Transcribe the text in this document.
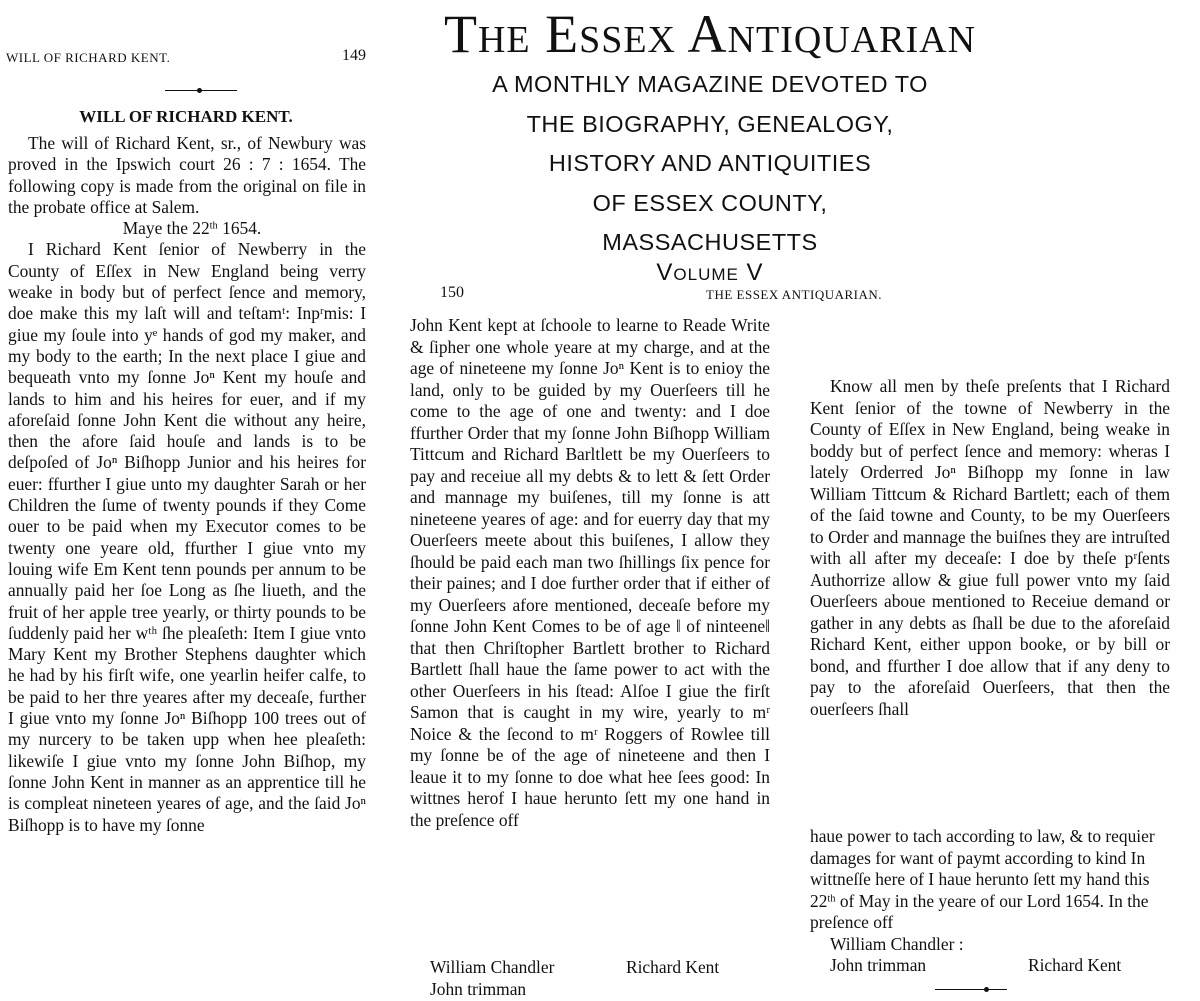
WILL OF RICHARD KENT.	149
WILL OF RICHARD KENT.

The will of Richard Kent, sr., of Newbury was proved in the Ipswich court 26 : 7 : 1654. The following copy is made from the original on file in the probate office at Salem.

Maye the 22th 1654.

I Richard Kent ſenior of Newberry in the County of Eſſex in New England being verry weake in body but of perfect ſence and memory, doe make this my laſt will and teſtamᵗ: Inpʳmis: I giue my ſoule into yᵉ hands of god my maker, and my body to the earth; In the next place I giue and bequeath vnto my ſonne Joⁿ Kent my houſe and lands to him and his heires for euer, and if my aforeſaid ſonne John Kent die without any heire, then the afore ſaid houſe and lands is to be deſpoſed of Joⁿ Biſhopp Junior and his heires for euer: ffurther I giue unto my daughter Sarah or her Children the ſume of twenty pounds if they Come ouer to be paid when my Executor comes to be twenty one yeare old, ffurther I giue vnto my louing wife Em Kent tenn pounds per annum to be annually paid her ſoe Long as ſhe liueth, and the fruit of her apple tree yearly, or thirty pounds to be ſuddenly paid her wᵗʰ ſhe pleaſeth: Item I giue vnto Mary Kent my Brother Stephens daughter which he had by his firſt wife, one yearlin heifer calfe, to be paid to her thre yeares after my deceaſe, further I giue vnto my ſonne Joⁿ Biſhopp 100 trees out of my nurcery to be taken upp when hee pleaſeth: likewiſe I giue vnto my ſonne John Biſhop, my ſonne John Kent in manner as an apprentice till he is compleat nineteen yeares of age, and the ſaid Joⁿ Biſhopp is to have my ſonne

The Essex Antiquarian
A MONTHLY MAGAZINE DEVOTED TO
THE BIOGRAPHY, GENEALOGY,
HISTORY AND ANTIQUITIES
OF ESSEX COUNTY,
MASSACHUSETTS
Volume V
150	THE ESSEX ANTIQUARIAN.

John Kent kept at ſchoole to learne to Reade Write & ſipher one whole yeare at my charge, and at the age of nineteene my ſonne Joⁿ Kent is to enioy the land, only to be guided by my Ouerſeers till he come to the age of one and twenty: and I doe ffurther Order that my ſonne John Biſhopp William Tittcum and Richard Barltlett be my Ouerſeers to pay and receiue all my debts & to lett & ſett Order and mannage my buiſenes, till my ſonne is att nineteene yeares of age: and for euerry day that my Ouerſeers meete about this buiſenes, I allow they ſhould be paid each man two ſhillings ſix pence for their paines; and I doe further order that if either of my Ouerſeers afore mentioned, deceaſe before my ſonne John Kent Comes to be of age ‖ of ninteene‖ that then Chriſtopher Bartlett brother to Richard Bartlett ſhall haue the ſame power to act with the other Ouerſeers in his ſtead: Alſoe I giue the firſt Samon that is caught in my wire, yearly to mʳ Noice & the ſecond to mʳ Roggers of Rowlee till my ſonne be of the age of nineteene and then I leaue it to my ſonne to doe what hee ſees good: In wittnes herof I haue herunto ſett my one hand in the preſence off

William Chandler	Richard Kent
John trimman

Know all men by theſe preſents that I Richard Kent ſenior of the towne of Newberry in the County of Eſſex in New England, being weake in boddy but of perfect ſence and memory: wheras I lately Orderred Joⁿ Biſhopp my ſonne in law William Tittcum & Richard Bartlett; each of them of the ſaid towne and County, to be my Ouerſeers to Order and mannage the buiſnes they are intruſted with all after my deceaſe: I doe by theſe pʳſents Authorrize allow & giue full power vnto my ſaid Ouerſeers aboue mentioned to Receiue demand or gather in any debts as ſhall be due to the aforeſaid Richard Kent, either uppon booke, or by bill or bond, and ffurther I doe allow that if any deny to pay to the aforeſaid Ouerſeers, that then the ouerſeers ſhall

haue power to tach according to law, & to requier damages for want of paymt according to kind In wittneſſe here of I haue herunto ſett my hand this 22th of May in the yeare of our Lord 1654. In the preſence off

William Chandler :
John trimman	Richard Kent
